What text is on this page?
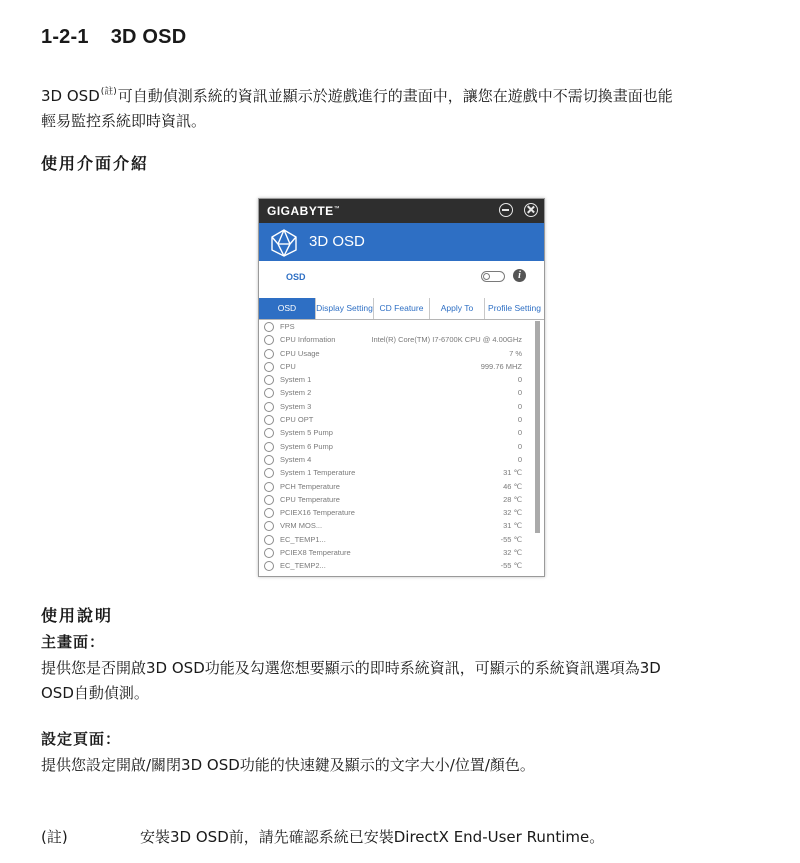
1-2-1 3D OSD
3D $OSD^{(註)}$可自動偵測系統的資訊並顯示於遊戲進行的畫面中，讓您在遊戲中不需切換畫面也能
輕易監控系統即時資訊。
使用介面介紹
GIGABYTE™
3D OSD
OSD	i
OSD	Display Setting CD Feature	Apply To	Profile Setting
FPS
CPU Information	Intel(R) Core(TM) I7-6700K CPU @ 4.00GHz
CPU Usage	7 %
CPU	999.76 MHZ
System 1	0
System 2	0
System 3	0
CPU OPT	0
System 5 Pump	0
System 6 Pump	0
System 4	0
System 1 Temperature	31 ℃
PCH Temperature	46 ℃
CPU Temperature	28 ℃
PCIEX16 Temperature	32 ℃
VRM MOS...	31 ℃
EC_TEMP1...	-55 ℃
PCIEX8 Temperature	32 ℃
EC_TEMP2...	-55 ℃
使用說明
主畫面：
提供您是否開啟3D OSD功能及勾選您想要顯示的即時系統資訊，可顯示的系統資訊選項為3D
OSD自動偵測。
設定頁面：
提供您設定開啟/關閉3D OSD功能的快速鍵及顯示的文字大小/位置/顏色。
(註)	安裝3D OSD前，請先確認系統已安裝DirectX End-User Runtime。
